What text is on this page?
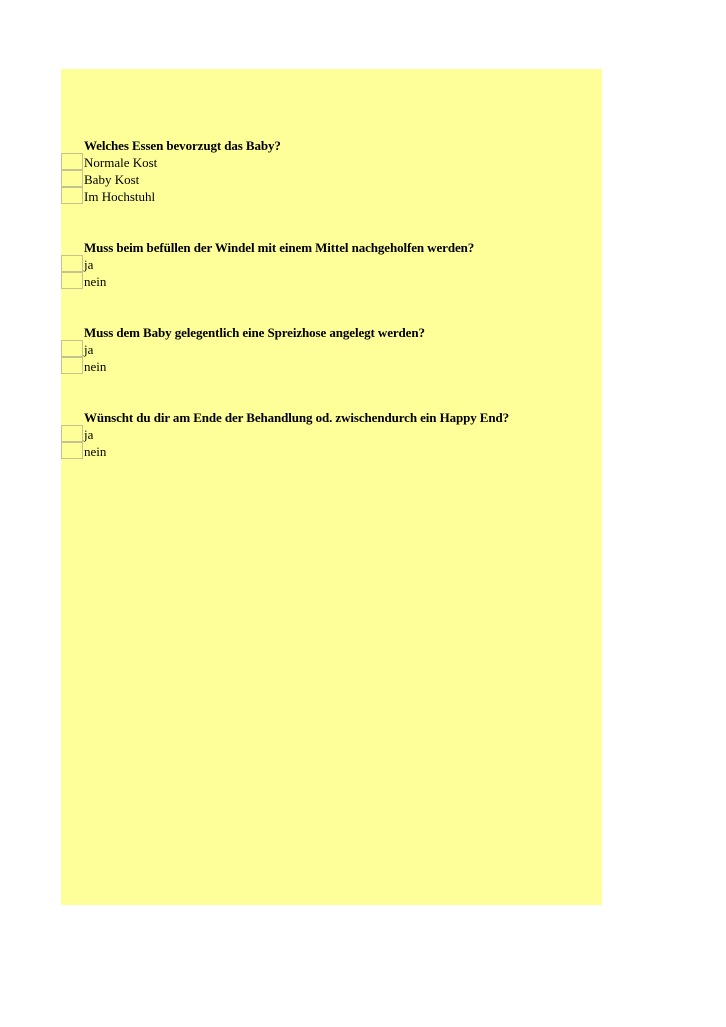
Welches Essen bevorzugt das Baby?
Normale Kost
Baby Kost
Im Hochstuhl
Muss beim befüllen der Windel mit einem Mittel nachgeholfen werden?
ja
nein
Muss dem Baby gelegentlich eine Spreizhose angelegt werden?
ja
nein
Wünscht du dir am Ende der Behandlung od. zwischendurch ein Happy End?
ja
nein
